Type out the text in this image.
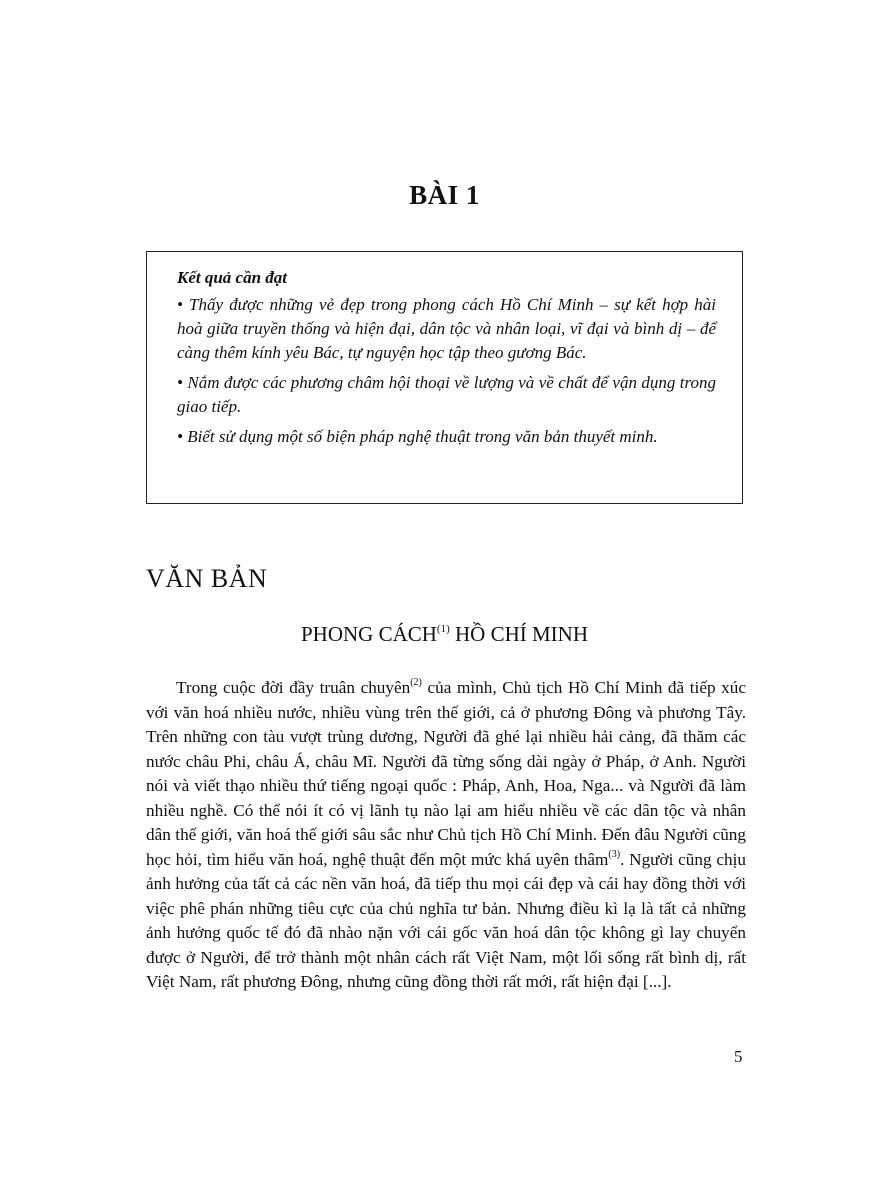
BÀI 1
Kết quả cần đạt
• Thấy được những vẻ đẹp trong phong cách Hồ Chí Minh – sự kết hợp hài hoà giữa truyền thống và hiện đại, dân tộc và nhân loại, vĩ đại và bình dị – để càng thêm kính yêu Bác, tự nguyện học tập theo gương Bác.
• Nắm được các phương châm hội thoại về lượng và về chất để vận dụng trong giao tiếp.
• Biết sử dụng một số biện pháp nghệ thuật trong văn bản thuyết minh.
VĂN BẢN
PHONG CÁCH$^{(1)}$ HỒ CHÍ MINH

Trong cuộc đời đầy truân chuyên$^{(2)}$ của mình, Chủ tịch Hồ Chí Minh đã tiếp xúc với văn hoá nhiều nước, nhiều vùng trên thế giới, cả ở phương Đông và phương Tây. Trên những con tàu vượt trùng dương, Người đã ghé lại nhiều hải cảng, đã thăm các nước châu Phi, châu Á, châu Mĩ. Người đã từng sống dài ngày ở Pháp, ở Anh. Người nói và viết thạo nhiều thứ tiếng ngoại quốc : Pháp, Anh, Hoa, Nga... và Người đã làm nhiều nghề. Có thể nói ít có vị lãnh tụ nào lại am hiểu nhiều về các dân tộc và nhân dân thế giới, văn hoá thế giới sâu sắc như Chủ tịch Hồ Chí Minh. Đến đâu Người cũng học hỏi, tìm hiểu văn hoá, nghệ thuật đến một mức khá uyên thâm$^{(3)}$. Người cũng chịu ảnh hưởng của tất cả các nền văn hoá, đã tiếp thu mọi cái đẹp và cái hay đồng thời với việc phê phán những tiêu cực của chủ nghĩa tư bản. Nhưng điều kì lạ là tất cả những ảnh hưởng quốc tế đó đã nhào nặn với cái gốc văn hoá dân tộc không gì lay chuyển được ở Người, để trở thành một nhân cách rất Việt Nam, một lối sống rất bình dị, rất Việt Nam, rất phương Đông, nhưng cũng đồng thời rất mới, rất hiện đại [...].

5
